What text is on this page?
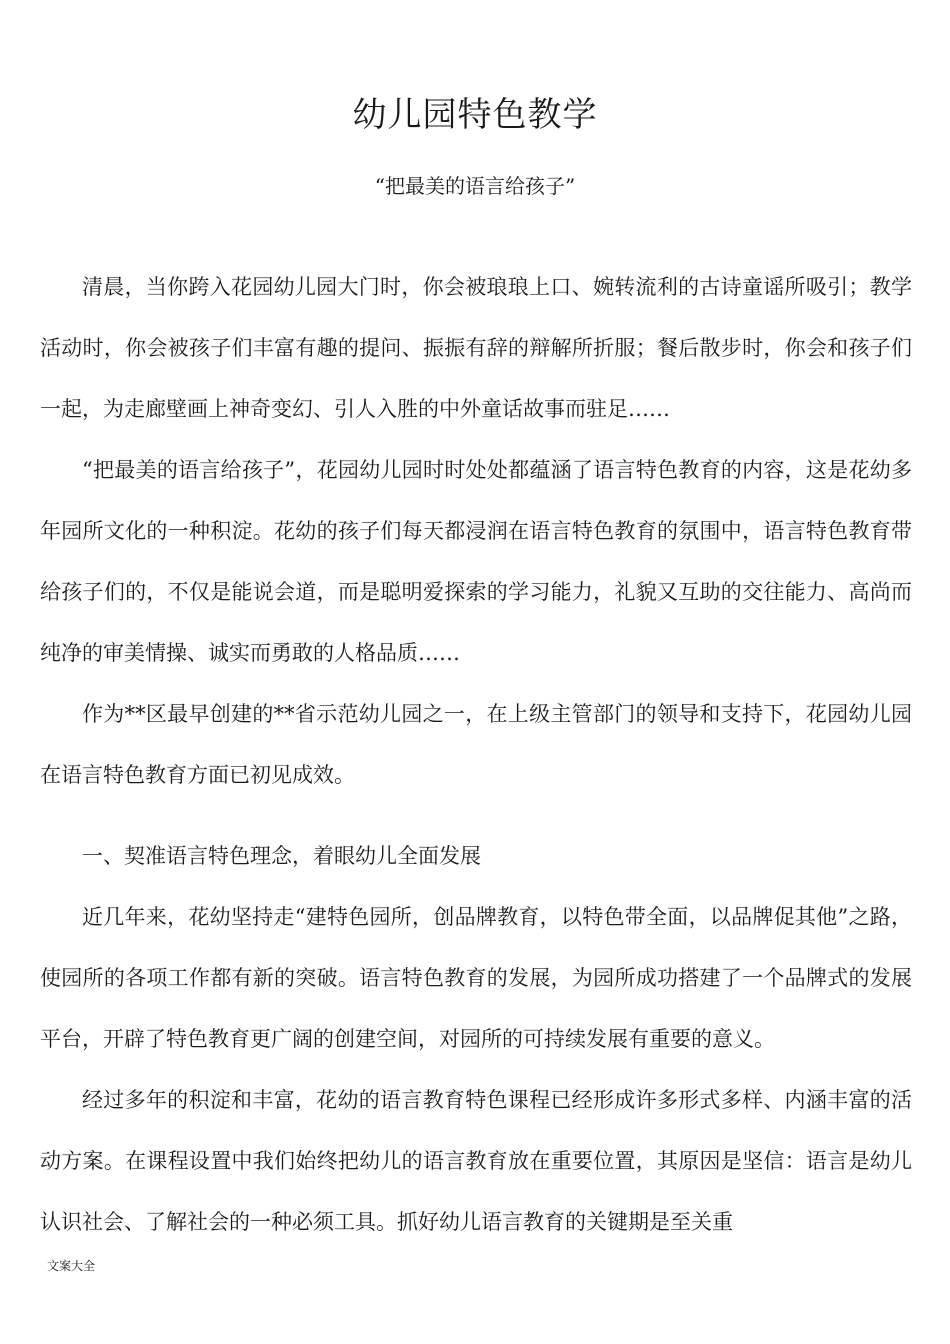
幼儿园特色教学
“把最美的语言给孩子”

清晨，当你跨入花园幼儿园大门时，你会被琅琅上口、婉转流利的古诗童谣所吸引；教学活动时，你会被孩子们丰富有趣的提问、振振有辞的辩解所折服；餐后散步时，你会和孩子们一起，为走廊壁画上神奇变幻、引人入胜的中外童话故事而驻足……

“把最美的语言给孩子”，花园幼儿园时时处处都蕴涵了语言特色教育的内容，这是花幼多年园所文化的一种积淀。花幼的孩子们每天都浸润在语言特色教育的氛围中，语言特色教育带给孩子们的，不仅是能说会道，而是聪明爱探索的学习能力，礼貌又互助的交往能力、高尚而纯净的审美情操、诚实而勇敢的人格品质……

作为**区最早创建的**省示范幼儿园之一，在上级主管部门的领导和支持下，花园幼儿园在语言特色教育方面已初见成效。

一、契准语言特色理念，着眼幼儿全面发展

近几年来，花幼坚持走“建特色园所，创品牌教育，以特色带全面，以品牌促其他”之路，使园所的各项工作都有新的突破。语言特色教育的发展，为园所成功搭建了一个品牌式的发展平台，开辟了特色教育更广阔的创建空间，对园所的可持续发展有重要的意义。

经过多年的积淀和丰富，花幼的语言教育特色课程已经形成许多形式多样、内涵丰富的活动方案。在课程设置中我们始终把幼儿的语言教育放在重要位置，其原因是坚信：语言是幼儿认识社会、了解社会的一种必须工具。抓好幼儿语言教育的关键期是至关重

文案大全
